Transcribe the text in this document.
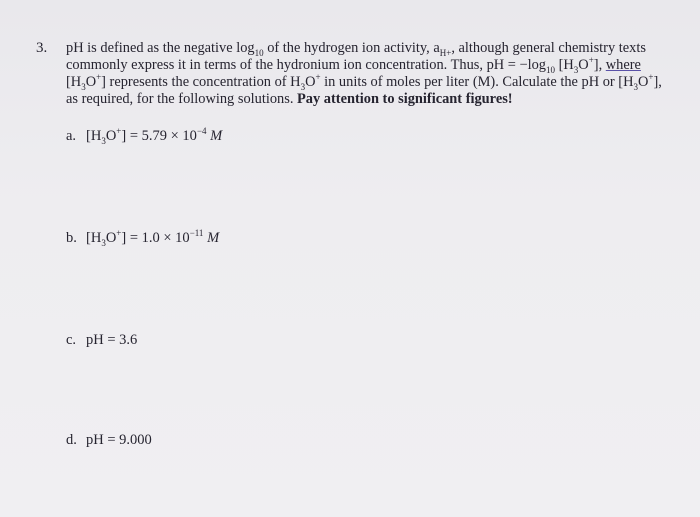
3. pH is defined as the negative $\log_{10}$ of the hydrogen ion activity, $a_{H+}$, although general chemistry texts
commonly express it in terms of the hydronium ion concentration. Thus, pH = $-\log_{10}$ $[H_3O^+]$, where
$[H_3O^+]$ represents the concentration of $H_3O^+$ in units of moles per liter (M). Calculate the pH or $[H_3O^+]$,
as required, for the following solutions. Pay attention to significant figures!
a. $[H_3O^+] = 5.79 \times 10^{-4}$ M
b. $[H_3O^+] = 1.0 \times 10^{-11}$ M
c. pH = 3.6
d. pH = 9.000
